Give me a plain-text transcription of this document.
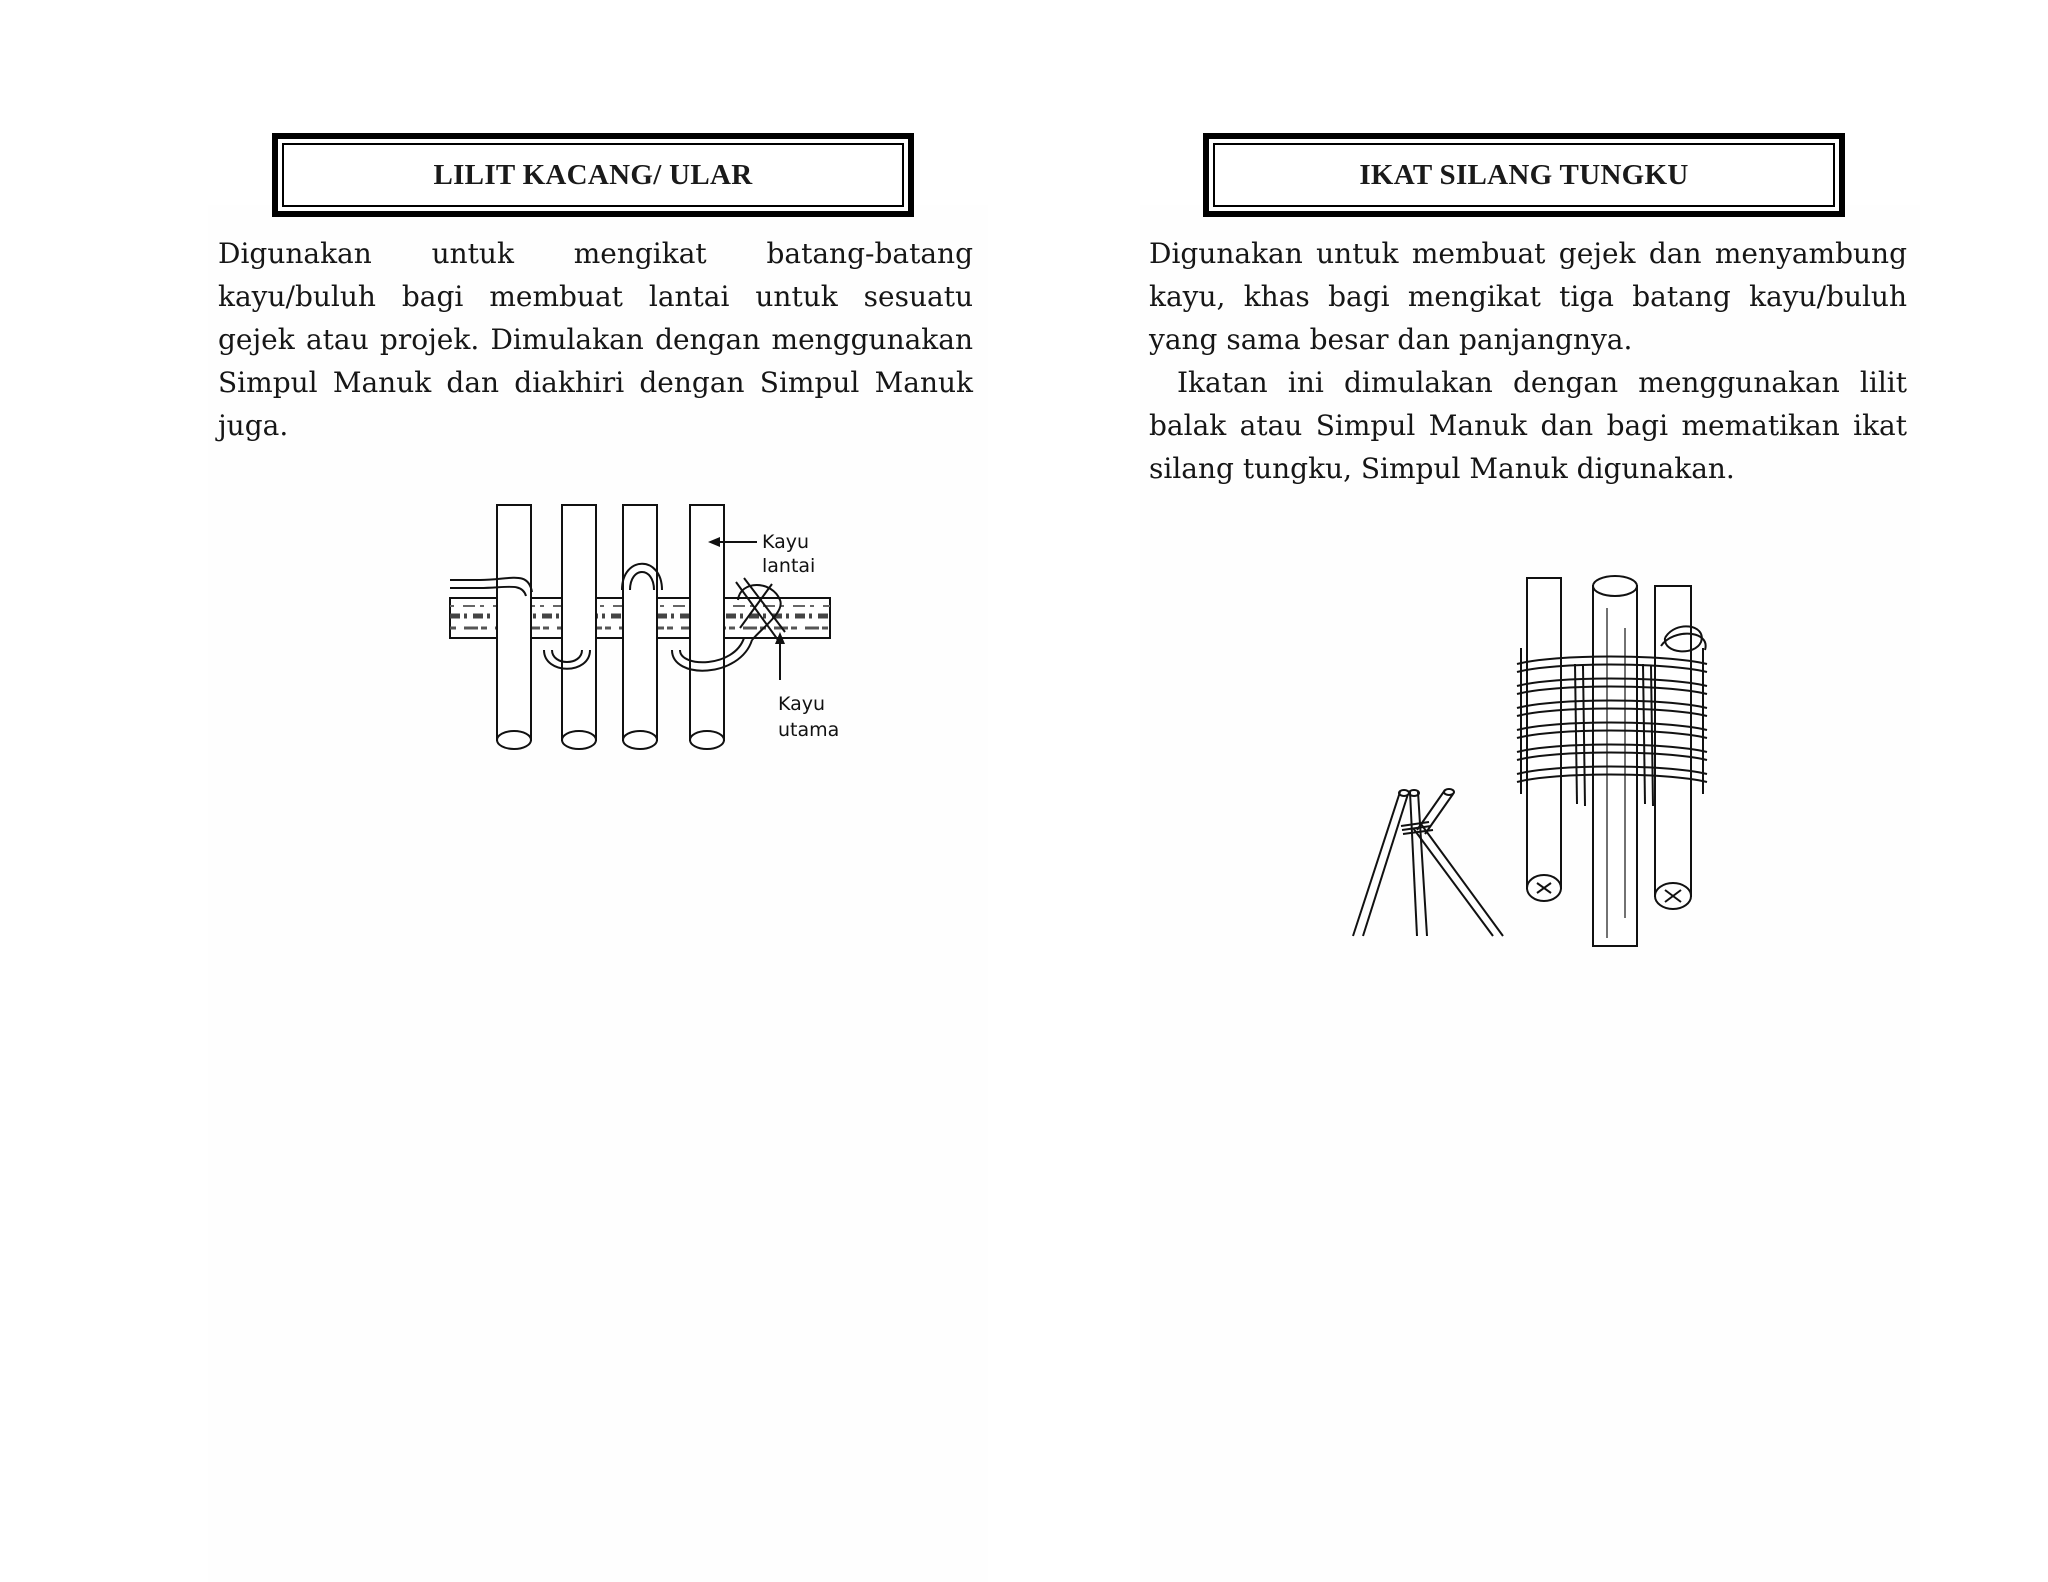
LILIT KACANG/ ULAR

Digunakan untuk mengikat batang-batang kayu/buluh bagi membuat lantai untuk sesuatu gejek atau projek. Dimulakan dengan menggunakan Simpul Manuk dan diakhiri dengan Simpul Manuk juga.

Kayu
lantai
Kayu
utama
IKAT SILANG TUNGKU

Digunakan untuk membuat gejek dan menyambung kayu, khas bagi mengikat tiga batang kayu/buluh yang sama besar dan panjangnya.

Ikatan ini dimulakan dengan menggunakan lilit balak atau Simpul Manuk dan bagi mematikan ikat silang tungku, Simpul Manuk digunakan.
